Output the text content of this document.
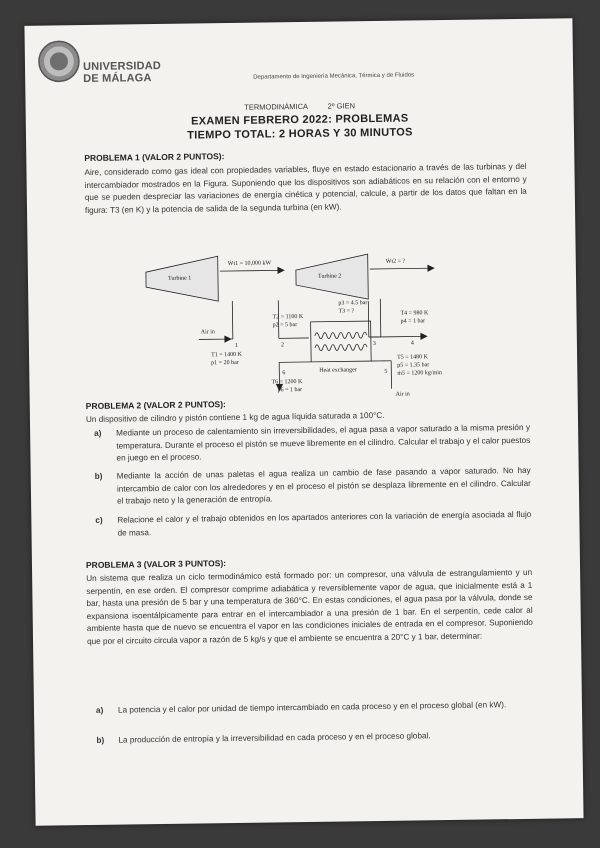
UNIVERSIDAD
DE MÁLAGA	Departamento de Ingeniería Mecánica, Térmica y de Fluidos
TERMODINÁMICA	2º GIEN
EXAMEN FEBRERO 2022: PROBLEMAS
TIEMPO TOTAL: 2 HORAS Y 30 MINUTOS
PROBLEMA 1 (VALOR 2 PUNTOS):
Aire, considerado como gas ideal con propiedades variables, fluye en estado estacionario a través de las turbinas y del intercambiador mostrados en la Figura. Suponiendo que los dispositivos son adiabáticos en su relación con el entorno y que se pueden despreciar las variaciones de energía cinética y potencial, calcule, a partir de los datos que faltan en la figura: T3 (en K) y la potencia de salida de la segunda turbina (en kW).
Turbine 1	Turbine 2
Ẇt1 = 10,000 kW	Ẇt2 = ?
Air in
Air in
1	2	3	4
5
6
T1 = 1400 K
p1 = 20 bar
T2 = 1100 K
p2 = 5 bar
p3 = 4.5 bar
T3 = ?	T4 = 980 K
p4 = 1 bar
T5 = 1480 K
p5 = 1.35 bar
ṁ5 = 1200 kg/min
T6 = 1200 K
p6 = 1 bar
Heat exchanger
PROBLEMA 2 (VALOR 2 PUNTOS):
Un dispositivo de cilindro y pistón contiene 1 kg de agua líquida saturada a 100°C.
a) Mediante un proceso de calentamiento sin irreversibilidades, el agua pasa a vapor saturado a la misma presión y temperatura. Durante el proceso el pistón se mueve libremente en el cilindro. Calcular el trabajo y el calor puestos en juego en el proceso.
b) Mediante la acción de unas paletas el agua realiza un cambio de fase pasando a vapor saturado. No hay intercambio de calor con los alrededores y en el proceso el pistón se desplaza libremente en el cilindro. Calcular el trabajo neto y la generación de entropía.
c) Relacione el calor y el trabajo obtenidos en los apartados anteriores con la variación de energía asociada al flujo de masa.
PROBLEMA 3 (VALOR 3 PUNTOS):
Un sistema que realiza un ciclo termodinámico está formado por: un compresor, una válvula de estrangulamiento y un serpentín, en ese orden. El compresor comprime adiabática y reversiblemente vapor de agua, que inicialmente está a 1 bar, hasta una presión de 5 bar y una temperatura de 360°C. En estas condiciones, el agua pasa por la válvula, donde se expansiona isoentálpicamente para entrar en el intercambiador a una presión de 1 bar. En el serpentín, cede calor al ambiente hasta que de nuevo se encuentra el vapor en las condiciones iniciales de entrada en el compresor. Suponiendo que por el circuito circula vapor a razón de 5 kg/s y que el ambiente se encuentra a 20°C y 1 bar, determinar:
a) La potencia y el calor por unidad de tiempo intercambiado en cada proceso y en el proceso global (en kW).
b) La producción de entropía y la irreversibilidad en cada proceso y en el proceso global.
